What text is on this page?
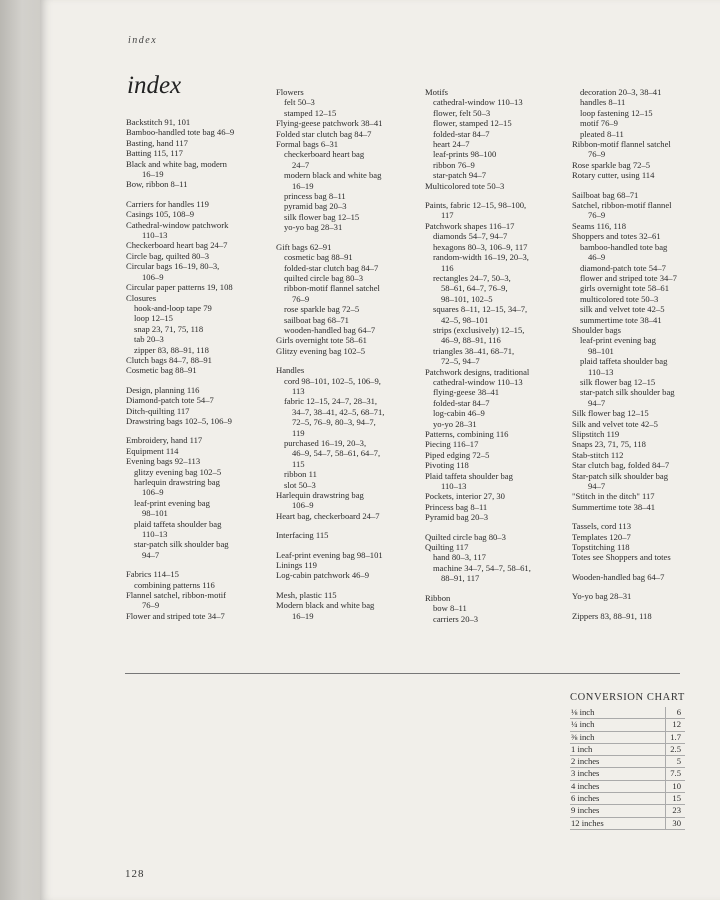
index
index
Backstitch 91, 101
Bamboo-handled tote bag 46–9
Basting, hand 117
Batting 115, 117
Black and white bag, modern
16–19
Bow, ribbon 8–11
Carriers for handles 119
Casings 105, 108–9
Cathedral-window patchwork
110–13
Checkerboard heart bag 24–7
Circle bag, quilted 80–3
Circular bags 16–19, 80–3,
106–9
Circular paper patterns 19, 108
Closures
hook-and-loop tape 79
loop 12–15
snap 23, 71, 75, 118
tab 20–3
zipper 83, 88–91, 118
Clutch bags 84–7, 88–91
Cosmetic bag 88–91
Design, planning 116
Diamond-patch tote 54–7
Ditch-quilting 117
Drawstring bags 102–5, 106–9
Embroidery, hand 117
Equipment 114
Evening bags 92–113
glitzy evening bag 102–5
harlequin drawstring bag
106–9
leaf-print evening bag
98–101
plaid taffeta shoulder bag
110–13
star-patch silk shoulder bag
94–7
Fabrics 114–15
combining patterns 116
Flannel satchel, ribbon-motif
76–9
Flower and striped tote 34–7
Flowers
felt 50–3
stamped 12–15
Flying-geese patchwork 38–41
Folded star clutch bag 84–7
Formal bags 6–31
checkerboard heart bag
24–7
modern black and white bag
16–19
princess bag 8–11
pyramid bag 20–3
silk flower bag 12–15
yo-yo bag 28–31
Gift bags 62–91
cosmetic bag 88–91
folded-star clutch bag 84–7
quilted circle bag 80–3
ribbon-motif flannel satchel
76–9
rose sparkle bag 72–5
sailboat bag 68–71
wooden-handled bag 64–7
Girls overnight tote 58–61
Glitzy evening bag 102–5
Handles
cord 98–101, 102–5, 106–9,
113
fabric 12–15, 24–7, 28–31,
34–7, 38–41, 42–5, 68–71,
72–5, 76–9, 80–3, 94–7,
119
purchased 16–19, 20–3,
46–9, 54–7, 58–61, 64–7,
115
ribbon 11
slot 50–3
Harlequin drawstring bag
106–9
Heart bag, checkerboard 24–7
Interfacing 115
Leaf-print evening bag 98–101
Linings 119
Log-cabin patchwork 46–9
Mesh, plastic 115
Modern black and white bag
16–19
Motifs
cathedral-window 110–13
flower, felt 50–3
flower, stamped 12–15
folded-star 84–7
heart 24–7
leaf-prints 98–100
ribbon 76–9
star-patch 94–7
Multicolored tote 50–3
Paints, fabric 12–15, 98–100,
117
Patchwork shapes 116–17
diamonds 54–7, 94–7
hexagons 80–3, 106–9, 117
random-width 16–19, 20–3,
116
rectangles 24–7, 50–3,
58–61, 64–7, 76–9,
98–101, 102–5
squares 8–11, 12–15, 34–7,
42–5, 98–101
strips (exclusively) 12–15,
46–9, 88–91, 116
triangles 38–41, 68–71,
72–5, 94–7
Patchwork designs, traditional
cathedral-window 110–13
flying-geese 38–41
folded-star 84–7
log-cabin 46–9
yo-yo 28–31
Patterns, combining 116
Piecing 116–17
Piped edging 72–5
Pivoting 118
Plaid taffeta shoulder bag
110–13
Pockets, interior 27, 30
Princess bag 8–11
Pyramid bag 20–3
Quilted circle bag 80–3
Quilting 117
hand 80–3, 117
machine 34–7, 54–7, 58–61,
88–91, 117
Ribbon
bow 8–11
carriers 20–3
decoration 20–3, 38–41
handles 8–11
loop fastening 12–15
motif 76–9
pleated 8–11
Ribbon-motif flannel satchel
76–9
Rose sparkle bag 72–5
Rotary cutter, using 114
Sailboat bag 68–71
Satchel, ribbon-motif flannel
76–9
Seams 116, 118
Shoppers and totes 32–61
bamboo-handled tote bag
46–9
diamond-patch tote 54–7
flower and striped tote 34–7
girls overnight tote 58–61
multicolored tote 50–3
silk and velvet tote 42–5
summertime tote 38–41
Shoulder bags
leaf-print evening bag
98–101
plaid taffeta shoulder bag
110–13
silk flower bag 12–15
star-patch silk shoulder bag
94–7
Silk flower bag 12–15
Silk and velvet tote 42–5
Slipstitch 119
Snaps 23, 71, 75, 118
Stab-stitch 112
Star clutch bag, folded 84–7
Star-patch silk shoulder bag
94–7
"Stitch in the ditch" 117
Summertime tote 38–41
Tassels, cord 113
Templates 120–7
Topstitching 118
Totes see Shoppers and totes
Wooden-handled bag 64–7
Yo-yo bag 28–31
Zippers 83, 88–91, 118
CONVERSION CHART
⅛ inch	6
¼ inch	12
⅜ inch	1.7
1 inch	2.5
2 inches	5
3 inches	7.5
4 inches	10
6 inches	15
9 inches	23
12 inches	30
128
